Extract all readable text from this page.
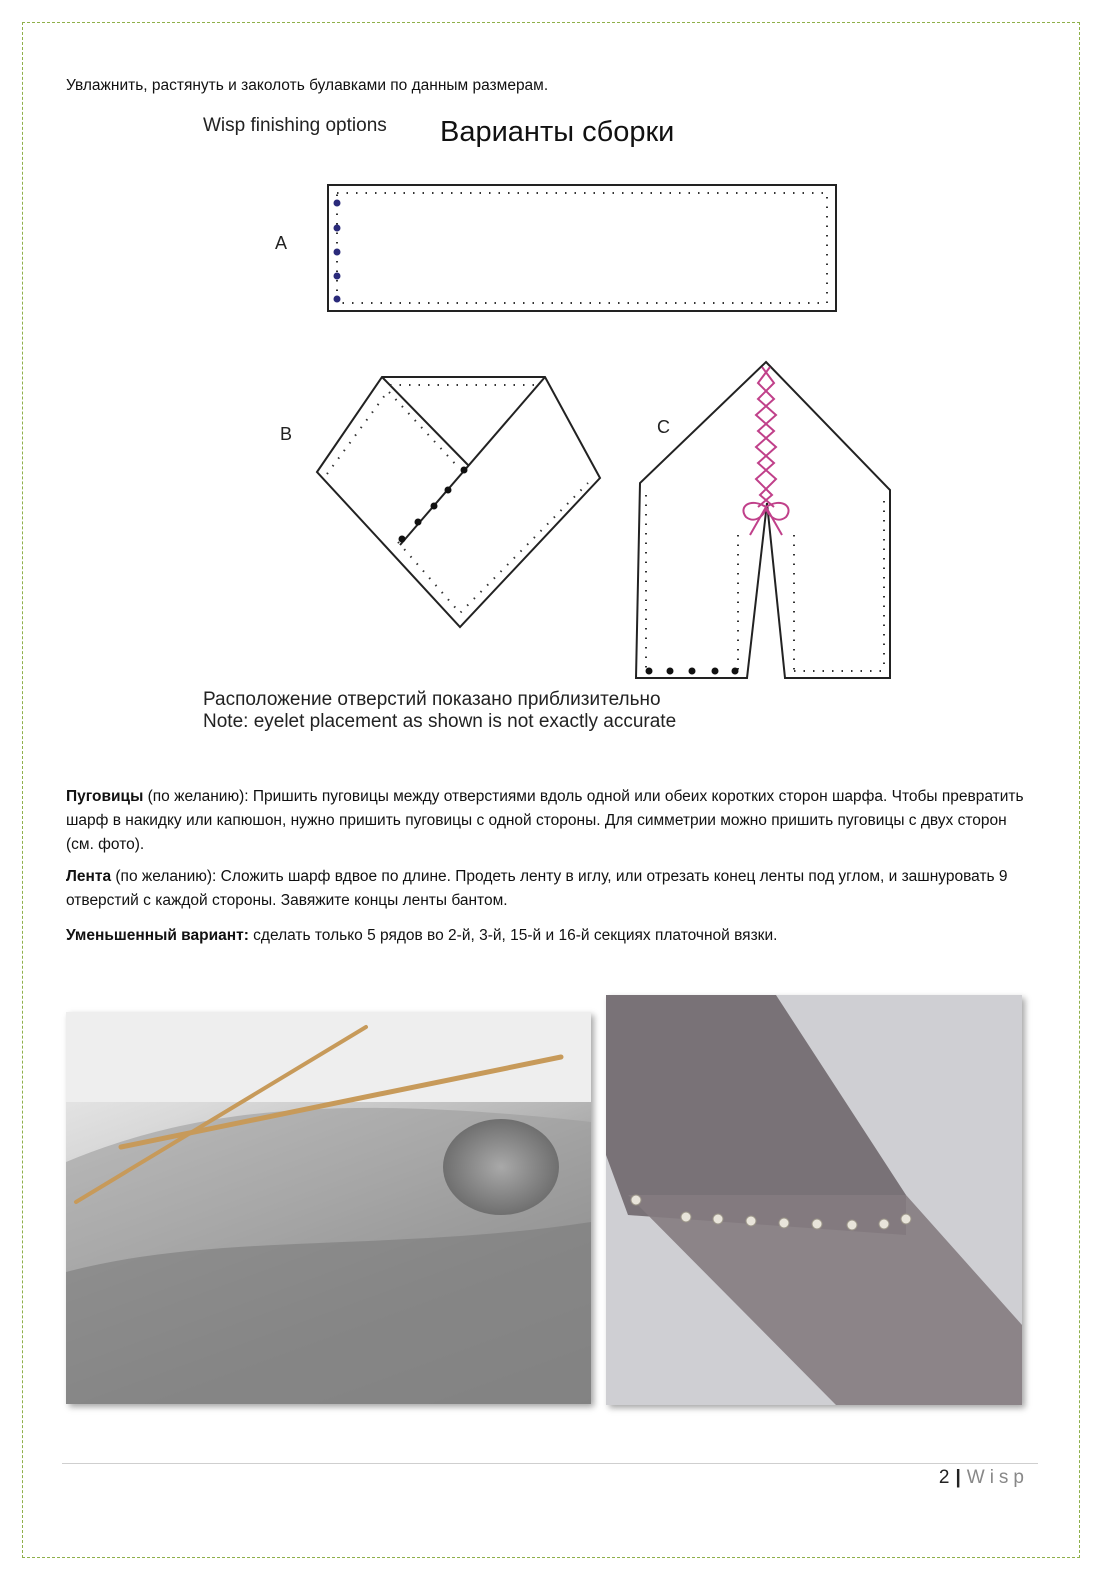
Увлажнить, растянуть и заколоть булавками по данным размерам.
Wisp finishing options Варианты сборки
A
B	C
Расположение отверстий показано приблизительно
Note: eyelet placement as shown is not exactly accurate
Пуговицы (по желанию): Пришить пуговицы между отверстиями вдоль одной или обеих коротких сторон шарфа. Чтобы превратить шарф в накидку или капюшон, нужно пришить пуговицы с одной стороны. Для симметрии можно пришить пуговицы с двух сторон (см. фото).
Лента (по желанию): Сложить шарф вдвое по длине. Продеть ленту в иглу, или отрезать конец ленты под углом, и зашнуровать 9 отверстий с каждой стороны. Завяжите концы ленты бантом.
Уменьшенный вариант: сделать только 5 рядов во 2-й, 3-й, 15-й и 16-й секциях платочной вязки.
2 | Wisp
